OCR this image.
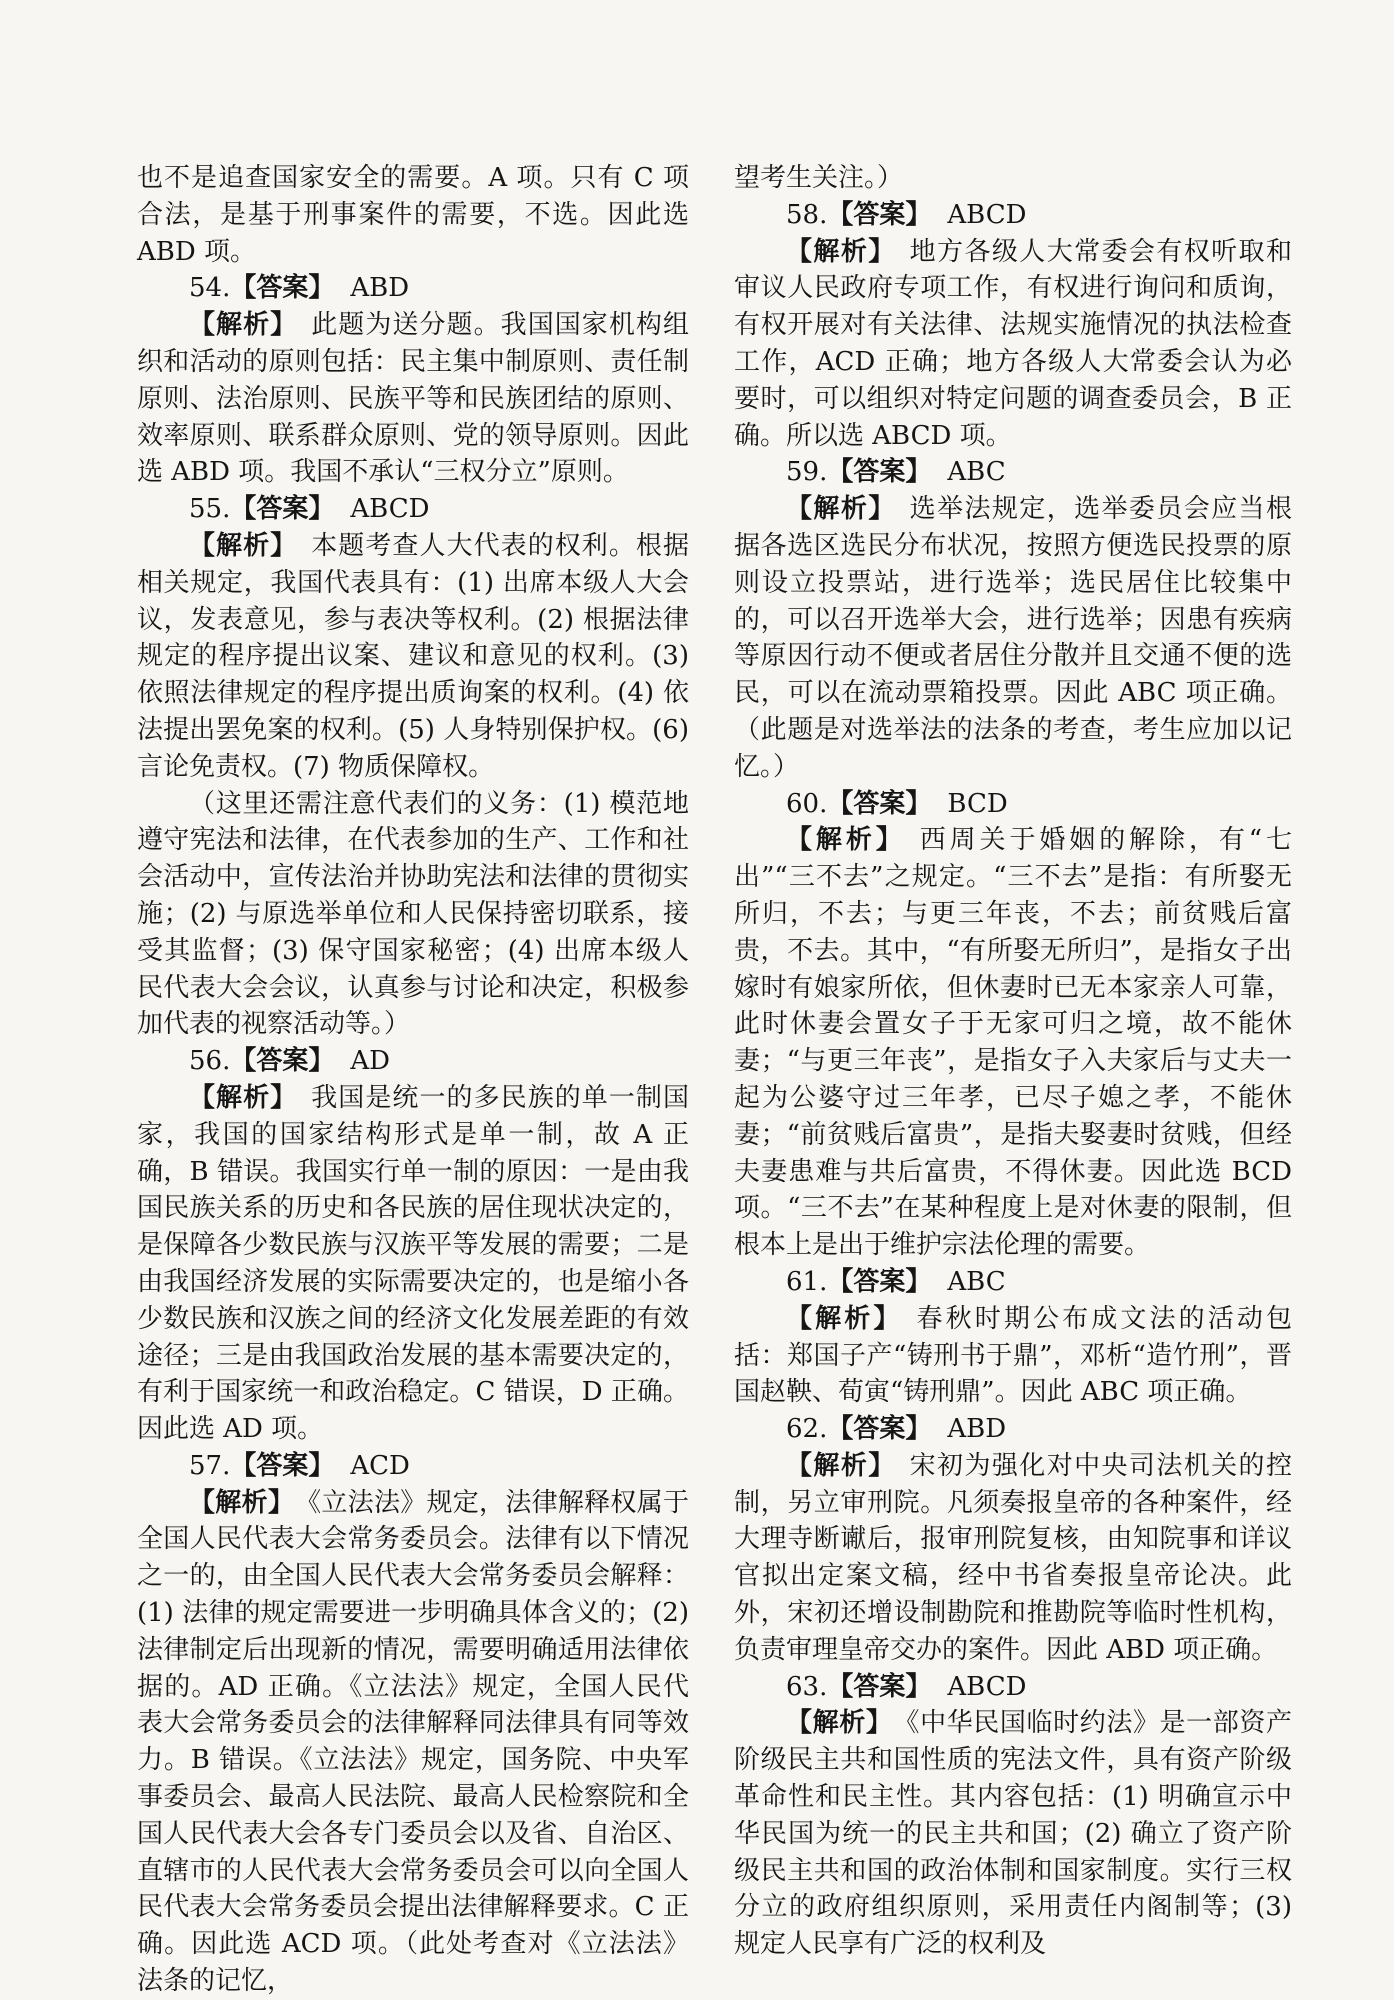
也不是追查国家安全的需要。A 项。只有 C 项合法，是基于刑事案件的需要，不选。因此选 ABD 项。

54.【答案】 ABD

【解析】 此题为送分题。我国国家机构组织和活动的原则包括：民主集中制原则、责任制原则、法治原则、民族平等和民族团结的原则、效率原则、联系群众原则、党的领导原则。因此选 ABD 项。我国不承认“三权分立”原则。

55.【答案】 ABCD

【解析】 本题考查人大代表的权利。根据相关规定，我国代表具有：(1) 出席本级人大会议，发表意见，参与表决等权利。(2) 根据法律规定的程序提出议案、建议和意见的权利。(3) 依照法律规定的程序提出质询案的权利。(4) 依法提出罢免案的权利。(5) 人身特别保护权。(6) 言论免责权。(7) 物质保障权。

（这里还需注意代表们的义务：(1) 模范地遵守宪法和法律，在代表参加的生产、工作和社会活动中，宣传法治并协助宪法和法律的贯彻实施；(2) 与原选举单位和人民保持密切联系，接受其监督；(3) 保守国家秘密；(4) 出席本级人民代表大会会议，认真参与讨论和决定，积极参加代表的视察活动等。）

56.【答案】 AD

【解析】 我国是统一的多民族的单一制国家，我国的国家结构形式是单一制，故 A 正确，B 错误。我国实行单一制的原因：一是由我国民族关系的历史和各民族的居住现状决定的，是保障各少数民族与汉族平等发展的需要；二是由我国经济发展的实际需要决定的，也是缩小各少数民族和汉族之间的经济文化发展差距的有效途径；三是由我国政治发展的基本需要决定的，有利于国家统一和政治稳定。C 错误，D 正确。因此选 AD 项。

57.【答案】 ACD

【解析】 《立法法》规定，法律解释权属于全国人民代表大会常务委员会。法律有以下情况之一的，由全国人民代表大会常务委员会解释：(1) 法律的规定需要进一步明确具体含义的；(2) 法律制定后出现新的情况，需要明确适用法律依据的。AD 正确。《立法法》规定，全国人民代表大会常务委员会的法律解释同法律具有同等效力。B 错误。《立法法》规定，国务院、中央军事委员会、最高人民法院、最高人民检察院和全国人民代表大会各专门委员会以及省、自治区、直辖市的人民代表大会常务委员会可以向全国人民代表大会常务委员会提出法律解释要求。C 正确。因此选 ACD 项。（此处考查对《立法法》法条的记忆，

望考生关注。）

58.【答案】 ABCD

【解析】 地方各级人大常委会有权听取和审议人民政府专项工作，有权进行询问和质询，有权开展对有关法律、法规实施情况的执法检查工作，ACD 正确；地方各级人大常委会认为必要时，可以组织对特定问题的调查委员会，B 正确。所以选 ABCD 项。

59.【答案】 ABC

【解析】 选举法规定，选举委员会应当根据各选区选民分布状况，按照方便选民投票的原则设立投票站，进行选举；选民居住比较集中的，可以召开选举大会，进行选举；因患有疾病等原因行动不便或者居住分散并且交通不便的选民，可以在流动票箱投票。因此 ABC 项正确。（此题是对选举法的法条的考查，考生应加以记忆。）

60.【答案】 BCD

【解析】 西周关于婚姻的解除，有“七出”“三不去”之规定。“三不去”是指：有所娶无所归，不去；与更三年丧，不去；前贫贱后富贵，不去。其中，“有所娶无所归”，是指女子出嫁时有娘家所依，但休妻时已无本家亲人可靠，此时休妻会置女子于无家可归之境，故不能休妻；“与更三年丧”，是指女子入夫家后与丈夫一起为公婆守过三年孝，已尽子媳之孝，不能休妻；“前贫贱后富贵”，是指夫娶妻时贫贱，但经夫妻患难与共后富贵，不得休妻。因此选 BCD 项。“三不去”在某种程度上是对休妻的限制，但根本上是出于维护宗法伦理的需要。

61.【答案】 ABC

【解析】 春秋时期公布成文法的活动包括：郑国子产“铸刑书于鼎”，邓析“造竹刑”，晋国赵鞅、荀寅“铸刑鼎”。因此 ABC 项正确。

62.【答案】 ABD

【解析】 宋初为强化对中央司法机关的控制，另立审刑院。凡须奏报皇帝的各种案件，经大理寺断谳后，报审刑院复核，由知院事和详议官拟出定案文稿，经中书省奏报皇帝论决。此外，宋初还增设制勘院和推勘院等临时性机构，负责审理皇帝交办的案件。因此 ABD 项正确。

63.【答案】 ABCD

【解析】 《中华民国临时约法》是一部资产阶级民主共和国性质的宪法文件，具有资产阶级革命性和民主性。其内容包括：(1) 明确宣示中华民国为统一的民主共和国；(2) 确立了资产阶级民主共和国的政治体制和国家制度。实行三权分立的政府组织原则，采用责任内阁制等；(3) 规定人民享有广泛的权利及
